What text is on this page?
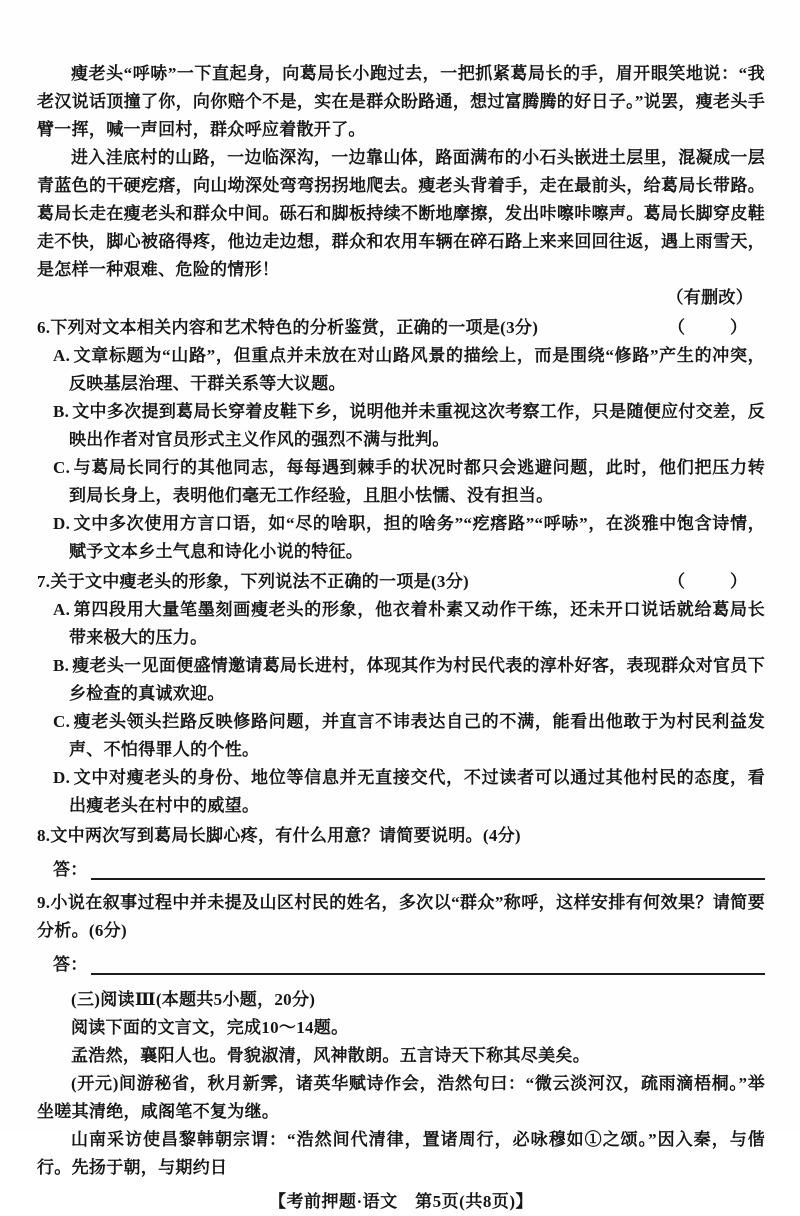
瘦老头“呼哧”一下直起身，向葛局长小跑过去，一把抓紧葛局长的手，眉开眼笑地说：“我老汉说话顶撞了你，向你赔个不是，实在是群众盼路通，想过富腾腾的好日子。”说罢，瘦老头手臂一挥，喊一声回村，群众呼应着散开了。
进入洼底村的山路，一边临深沟，一边靠山体，路面满布的小石头嵌进土层里，混凝成一层青蓝色的干硬疙瘩，向山坳深处弯弯拐拐地爬去。瘦老头背着手，走在最前头，给葛局长带路。葛局长走在瘦老头和群众中间。砾石和脚板持续不断地摩擦，发出咔嚓咔嚓声。葛局长脚穿皮鞋走不快，脚心被硌得疼，他边走边想，群众和农用车辆在碎石路上来来回回往返，遇上雨雪天，是怎样一种艰难、危险的情形！
（有删改）
6.下列对文本相关内容和艺术特色的分析鉴赏，正确的一项是(3分)	（　）
A. 文章标题为“山路”，但重点并未放在对山路风景的描绘上，而是围绕“修路”产生的冲突，反映基层治理、干群关系等大议题。
B. 文中多次提到葛局长穿着皮鞋下乡，说明他并未重视这次考察工作，只是随便应付交差，反映出作者对官员形式主义作风的强烈不满与批判。
C. 与葛局长同行的其他同志，每每遇到棘手的状况时都只会逃避问题，此时，他们把压力转到局长身上，表明他们毫无工作经验，且胆小怯懦、没有担当。
D. 文中多次使用方言口语，如“尽的啥职，担的啥务”“疙瘩路”“呼哧”，在淡雅中饱含诗情，赋予文本乡土气息和诗化小说的特征。
7.关于文中瘦老头的形象，下列说法不正确的一项是(3分)	（　）
A. 第四段用大量笔墨刻画瘦老头的形象，他衣着朴素又动作干练，还未开口说话就给葛局长带来极大的压力。
B. 瘦老头一见面便盛情邀请葛局长进村，体现其作为村民代表的淳朴好客，表现群众对官员下乡检查的真诚欢迎。
C. 瘦老头领头拦路反映修路问题，并直言不讳表达自己的不满，能看出他敢于为村民利益发声、不怕得罪人的个性。
D. 文中对瘦老头的身份、地位等信息并无直接交代，不过读者可以通过其他村民的态度，看出瘦老头在村中的威望。
8.文中两次写到葛局长脚心疼，有什么用意？请简要说明。(4分)
答：
9.小说在叙事过程中并未提及山区村民的姓名，多次以“群众”称呼，这样安排有何效果？请简要分析。(6分)
答：
(三)阅读Ⅲ(本题共5小题，20分)
阅读下面的文言文，完成10～14题。
孟浩然，襄阳人也。骨貌淑清，风神散朗。五言诗天下称其尽美矣。
(开元)间游秘省，秋月新霁，诸英华赋诗作会，浩然句曰：“微云淡河汉，疏雨滴梧桐。”举坐嗟其清绝，咸阁笔不复为继。
山南采访使昌黎韩朝宗谓：“浩然间代清律，置诸周行，必咏穆如①之颂。”因入秦，与偕行。先扬于朝，与期约日
【考前押题·语文　第5页(共8页)】
